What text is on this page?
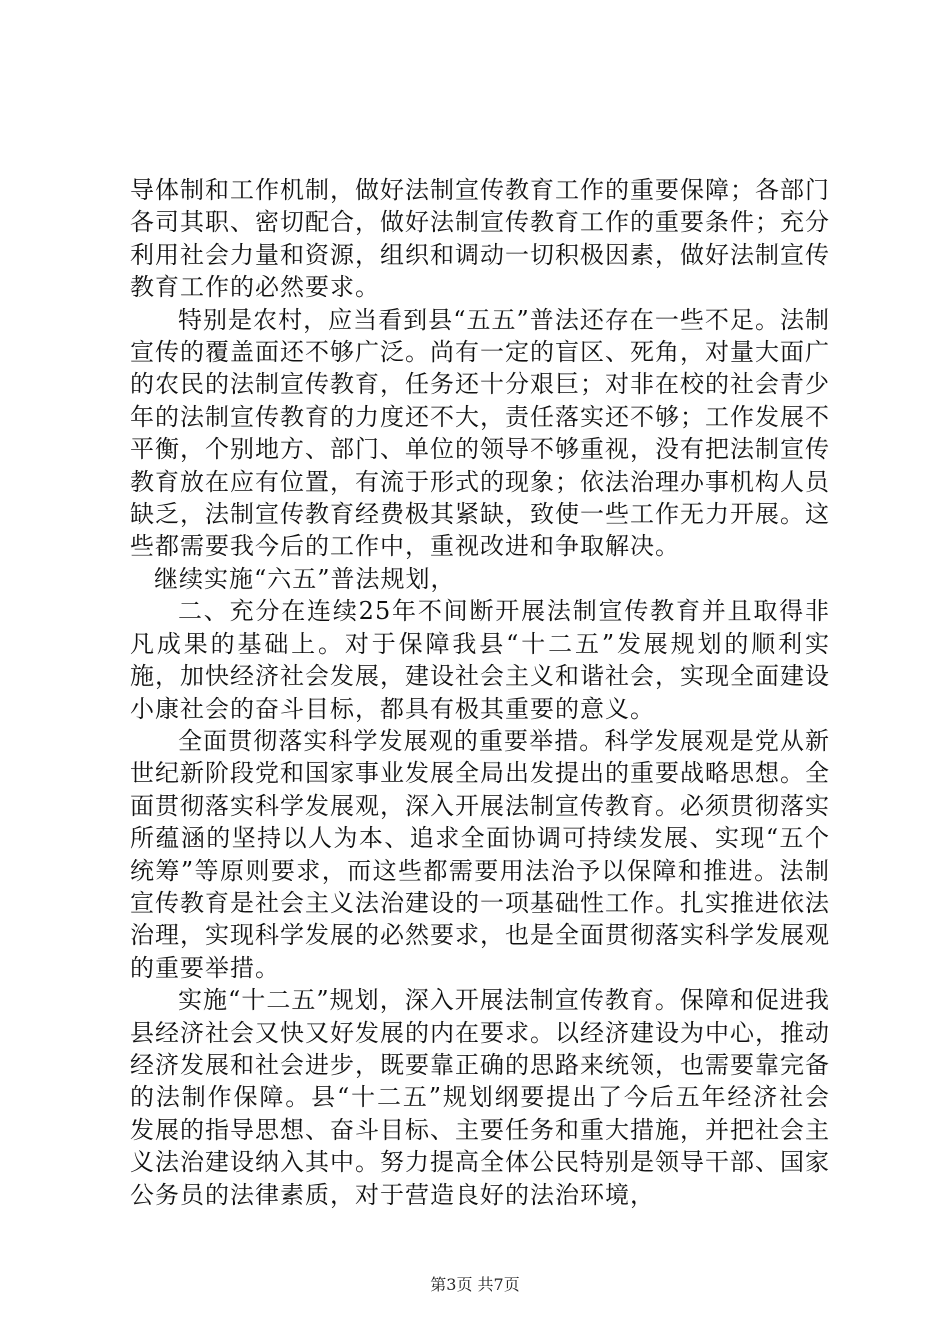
导体制和工作机制，做好法制宣传教育工作的重要保障；各部门各司其职、密切配合，做好法制宣传教育工作的重要条件；充分利用社会力量和资源，组织和调动一切积极因素，做好法制宣传教育工作的必然要求。

特别是农村，应当看到县“五五”普法还存在一些不足。法制宣传的覆盖面还不够广泛。尚有一定的盲区、死角，对量大面广的农民的法制宣传教育，任务还十分艰巨；对非在校的社会青少年的法制宣传教育的力度还不大，责任落实还不够；工作发展不平衡，个别地方、部门、单位的领导不够重视，没有把法制宣传教育放在应有位置，有流于形式的现象；依法治理办事机构人员缺乏，法制宣传教育经费极其紧缺，致使一些工作无力开展。这些都需要我今后的工作中，重视改进和争取解决。

继续实施“六五”普法规划，

二、充分在连续25年不间断开展法制宣传教育并且取得非凡成果的基础上。对于保障我县“十二五”发展规划的顺利实施，加快经济社会发展，建设社会主义和谐社会，实现全面建设小康社会的奋斗目标，都具有极其重要的意义。

全面贯彻落实科学发展观的重要举措。科学发展观是党从新世纪新阶段党和国家事业发展全局出发提出的重要战略思想。全面贯彻落实科学发展观，深入开展法制宣传教育。必须贯彻落实所蕴涵的坚持以人为本、追求全面协调可持续发展、实现“五个统筹”等原则要求，而这些都需要用法治予以保障和推进。法制宣传教育是社会主义法治建设的一项基础性工作。扎实推进依法治理，实现科学发展的必然要求，也是全面贯彻落实科学发展观的重要举措。

实施“十二五”规划，深入开展法制宣传教育。保障和促进我县经济社会又快又好发展的内在要求。以经济建设为中心，推动经济发展和社会进步，既要靠正确的思路来统领，也需要靠完备的法制作保障。县“十二五”规划纲要提出了今后五年经济社会发展的指导思想、奋斗目标、主要任务和重大措施，并把社会主义法治建设纳入其中。努力提高全体公民特别是领导干部、国家公务员的法律素质，对于营造良好的法治环境，

第3页 共7页
